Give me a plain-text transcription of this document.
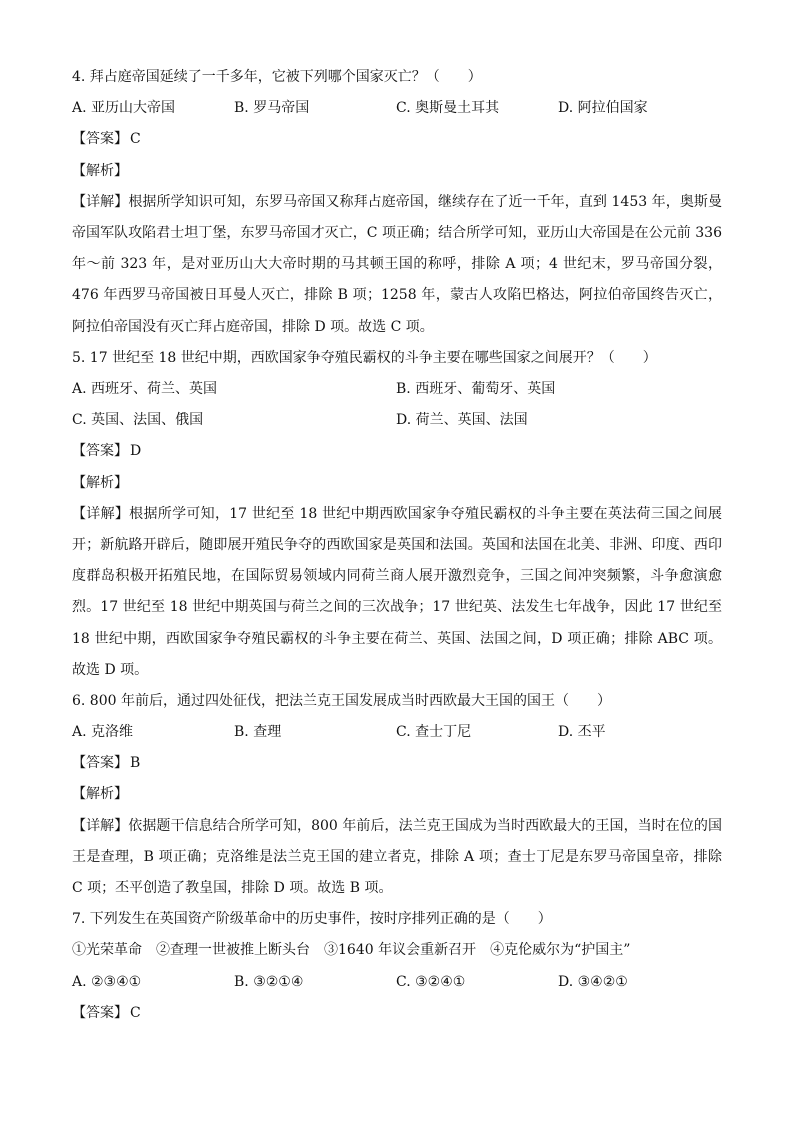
4. 拜占庭帝国延续了一千多年，它被下列哪个国家灭亡？（　　）
A. 亚历山大帝国	B. 罗马帝国	C. 奥斯曼土耳其	D. 阿拉伯国家
【答案】 C
【解析】

【详解】根据所学知识可知，东罗马帝国又称拜占庭帝国，继续存在了近一千年，直到 1453 年，奥斯曼帝国军队攻陷君士坦丁堡，东罗马帝国才灭亡，C 项正确；结合所学可知，亚历山大帝国是在公元前 336 年～前 323 年，是对亚历山大大帝时期的马其顿王国的称呼，排除 A 项；4 世纪末，罗马帝国分裂，476 年西罗马帝国被日耳曼人灭亡，排除 B 项；1258 年，蒙古人攻陷巴格达，阿拉伯帝国终告灭亡，阿拉伯帝国没有灭亡拜占庭帝国，排除 D 项。故选 C 项。

5. 17 世纪至 18 世纪中期，西欧国家争夺殖民霸权的斗争主要在哪些国家之间展开？（　　）
A. 西班牙、荷兰、英国	B. 西班牙、葡萄牙、英国
C. 英国、法国、俄国	D. 荷兰、英国、法国
【答案】 D
【解析】

【详解】根据所学可知，17 世纪至 18 世纪中期西欧国家争夺殖民霸权的斗争主要在英法荷三国之间展开；新航路开辟后，随即展开殖民争夺的西欧国家是英国和法国。英国和法国在北美、非洲、印度、西印度群岛积极开拓殖民地，在国际贸易领域内同荷兰商人展开激烈竞争，三国之间冲突频繁，斗争愈演愈烈。17 世纪至 18 世纪中期英国与荷兰之间的三次战争；17 世纪英、法发生七年战争，因此 17 世纪至 18 世纪中期，西欧国家争夺殖民霸权的斗争主要在荷兰、英国、法国之间，D 项正确；排除 ABC 项。故选 D 项。

6. 800 年前后，通过四处征伐，把法兰克王国发展成当时西欧最大王国的国王（　　）
A. 克洛维	B. 查理	C. 查士丁尼	D. 丕平
【答案】 B
【解析】

【详解】依据题干信息结合所学可知，800 年前后，法兰克王国成为当时西欧最大的王国，当时在位的国王是查理，B 项正确；克洛维是法兰克王国的建立者克，排除 A 项；查士丁尼是东罗马帝国皇帝，排除 C 项；丕平创造了教皇国，排除 D 项。故选 B 项。

7. 下列发生在英国资产阶级革命中的历史事件，按时序排列正确的是（　　）
①光荣革命　②查理一世被推上断头台　③1640 年议会重新召开　④克伦威尔为“护国主”
A. ②③④①	B. ③②①④	C. ③②④①	D. ③④②①
【答案】 C
